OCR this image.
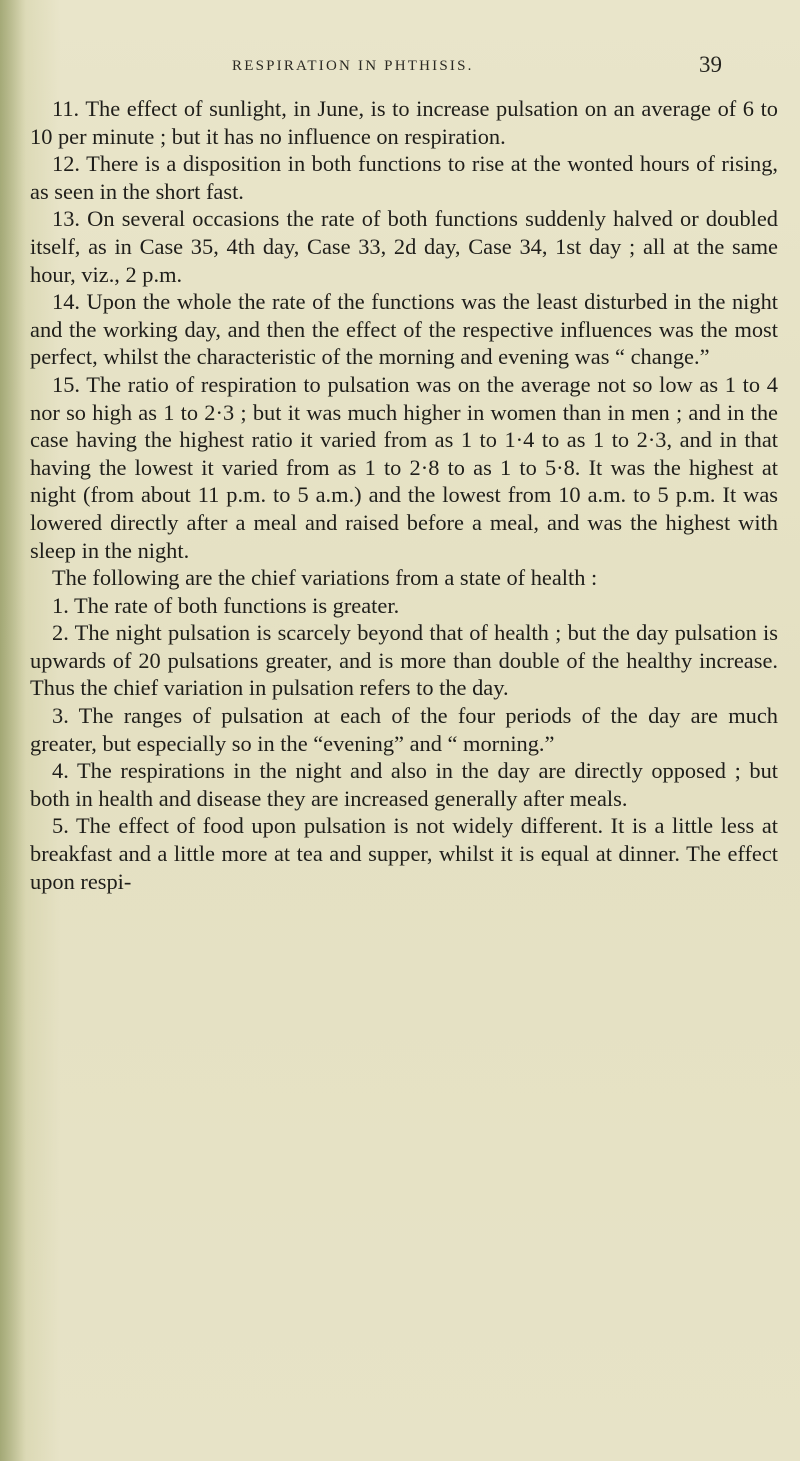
RESPIRATION IN PHTHISIS.	39

11. The effect of sunlight, in June, is to increase pulsation on an average of 6 to 10 per minute ; but it has no influence on respiration.

12. There is a disposition in both functions to rise at the wonted hours of rising, as seen in the short fast.

13. On several occasions the rate of both functions suddenly halved or doubled itself, as in Case 35, 4th day, Case 33, 2d day, Case 34, 1st day ; all at the same hour, viz., 2 p.m.

14. Upon the whole the rate of the functions was the least disturbed in the night and the working day, and then the effect of the respective influences was the most perfect, whilst the characteristic of the morning and evening was “ change.”

15. The ratio of respiration to pulsation was on the average not so low as 1 to 4 nor so high as 1 to 2·3 ; but it was much higher in women than in men ; and in the case having the highest ratio it varied from as 1 to 1·4 to as 1 to 2·3, and in that having the lowest it varied from as 1 to 2·8 to as 1 to 5·8. It was the highest at night (from about 11 p.m. to 5 a.m.) and the lowest from 10 a.m. to 5 p.m. It was lowered directly after a meal and raised before a meal, and was the highest with sleep in the night.

The following are the chief variations from a state of health :

1. The rate of both functions is greater.

2. The night pulsation is scarcely beyond that of health ; but the day pulsation is upwards of 20 pulsations greater, and is more than double of the healthy increase. Thus the chief variation in pulsation refers to the day.

3. The ranges of pulsation at each of the four periods of the day are much greater, but especially so in the “evening” and “ morning.”

4. The respirations in the night and also in the day are directly opposed ; but both in health and disease they are increased generally after meals.

5. The effect of food upon pulsation is not widely different. It is a little less at breakfast and a little more at tea and supper, whilst it is equal at dinner. The effect upon respi-
